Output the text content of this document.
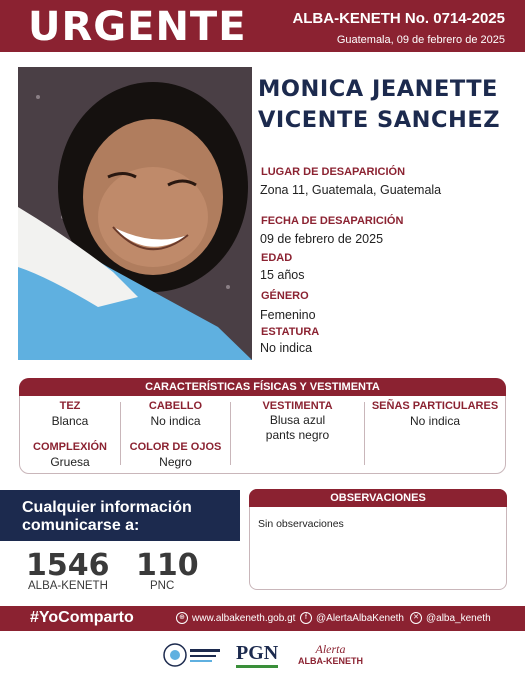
URGENTE	ALBA-KENETH No. 0714-2025
Guatemala, 09 de febrero de 2025
MONICA JEANETTE
VICENTE SANCHEZ
LUGAR DE DESAPARICIÓN
Zona 11, Guatemala, Guatemala
FECHA DE DESAPARICIÓN
09 de febrero de 2025
EDAD
15 años
GÉNERO
Femenino
ESTATURA
No indica
CARACTERÍSTICAS FÍSICAS Y VESTIMENTA
TEZ
Blanca
CABELLO
No indica
VESTIMENTA
Blusa azul
pants negro
SEÑAS PARTICULARES
No indica
COMPLEXIÓN
Gruesa
COLOR DE OJOS
Negro
Cualquier información
comunicarse a:
1546
ALBA-KENETH
110
PNC
OBSERVACIONES
Sin observaciones
#YoComparto	⊕ www.albakeneth.gob.gt	f @AlertaAlbaKeneth	✕ @alba_keneth
PGN	Alerta
ALBA-KENETH
